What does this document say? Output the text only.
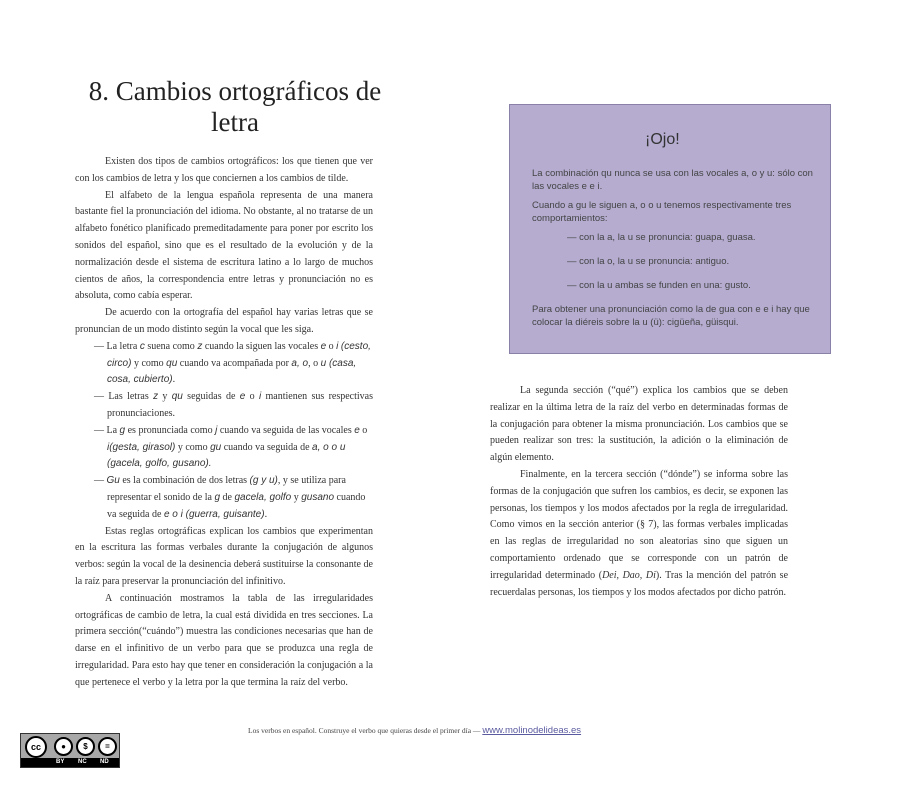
8. Cambios ortográficos de letra

Existen dos tipos de cambios ortográficos: los que tienen que ver con los cambios de letra y los que conciernen a los cambios de tilde.

El alfabeto de la lengua española representa de una manera bastante fiel la pronunciación del idioma. No obstante, al no tratarse de un alfabeto fonético planificado premeditadamente para poner por escrito los sonidos del español, sino que es el resultado de la evolución y de la normalización desde el sistema de escritura latino a lo largo de muchos cientos de años, la correspondencia entre letras y pronunciación no es absoluta, como cabía esperar.

De acuerdo con la ortografía del español hay varias letras que se pronuncian de un modo distinto según la vocal que les siga.

— La letra c suena como z cuando la siguen las vocales e o i (cesto, circo) y como qu cuando va acompañada por a, o, o u (casa, cosa, cubierto).

— Las letras z y qu seguidas de e o i mantienen sus respectivas pronunciaciones.

— La g es pronunciada como j cuando va seguida de las vocales e o i(gesta, girasol) y como gu cuando va seguida de a, o o u (gacela, golfo, gusano).

— Gu es la combinación de dos letras (g y u), y se utiliza para representar el sonido de la g de gacela, golfo y gusano cuando va seguida de e o i (guerra, guisante).

Estas reglas ortográficas explican los cambios que experimentan en la escritura las formas verbales durante la conjugación de algunos verbos: según la vocal de la desinencia deberá sustituirse la consonante de la raíz para preservar la pronunciación del infinitivo.

A continuación mostramos la tabla de las irregularidades ortográficas de cambio de letra, la cual está dividida en tres secciones. La primera sección(“cuándo”) muestra las condiciones necesarias que han de darse en el infinitivo de un verbo para que se produzca una regla de irregularidad. Para esto hay que tener en consideración la conjugación a la que pertenece el verbo y la letra por la que termina la raíz del verbo.

¡Ojo!

La combinación qu nunca se usa con las vocales a, o y u: sólo con las vocales e e i.

Cuando a gu le siguen a, o o u tenemos respectivamente tres comportamientos:

— con la a, la u se pronuncia: guapa, guasa.

— con la o, la u se pronuncia: antiguo.

— con la u ambas se funden en una: gusto.

Para obtener una pronunciación como la de gua con e e i hay que colocar la diéreis sobre la u (ü): cigüeña, güisqui.

La segunda sección (“qué”) explica los cambios que se deben realizar en la última letra de la raíz del verbo en determinadas formas de la conjugación para obtener la misma pronunciación. Los cambios que se pueden realizar son tres: la sustitución, la adición o la eliminación de algún elemento.

Finalmente, en la tercera sección (“dónde”) se informa sobre las formas de la conjugación que sufren los cambios, es decir, se exponen las personas, los tiempos y los modos afectados por la regla de irregularidad. Como vimos en la sección anterior (§ 7), las formas verbales implicadas en las reglas de irregularidad no son aleatorias sino que siguen un comportamiento ordenado que se corresponde con un patrón de irregularidad determinado (Dei, Dao, Di). Tras la mención del patrón se recuerdalas personas, los tiempos y los modos afectados por dicho patrón.

Los verbos en español. Construye el verbo que quieras desde el primer día — www.molinodelideas.es
cc	●	$	=
BY NC ND
